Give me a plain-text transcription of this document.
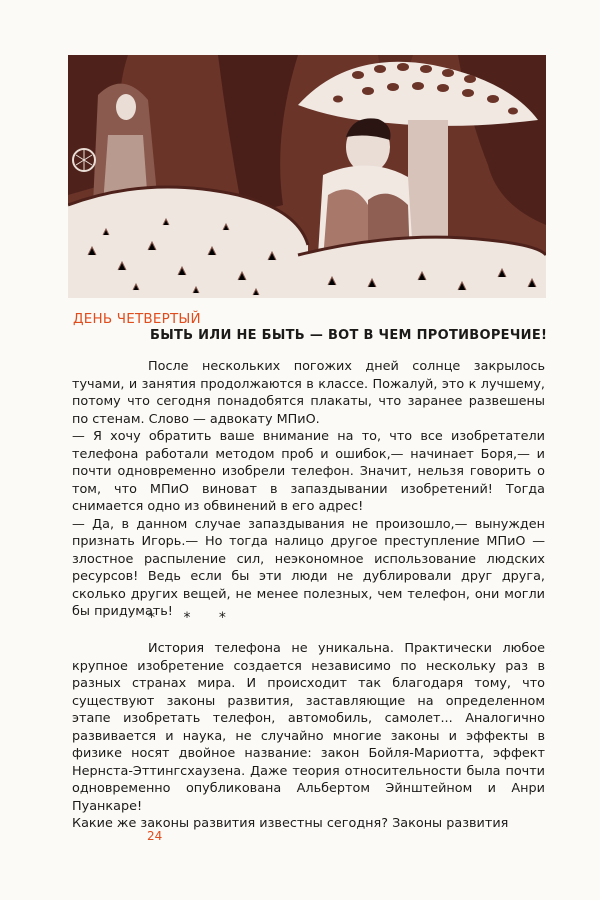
ДЕНЬ ЧЕТВЕРТЫЙ
БЫТЬ ИЛИ НЕ БЫТЬ — ВОТ В ЧЕМ ПРОТИВОРЕЧИЕ!

После нескольких погожих дней солнце закрылось тучами, и занятия продолжаются в классе. Пожалуй, это к лучшему, потому что сегодня понадобятся плакаты, что заранее развешены по стенам. Слово — адвокату МПиО.

— Я хочу обратить ваше внимание на то, что все изобретатели телефона работали методом проб и ошибок,— начинает Боря,— и почти одновременно изобрели телефон. Значит, нельзя говорить о том, что МПиО виноват в запаздывании изобретений! Тогда снимается одно из обвинений в его адрес!

— Да, в данном случае запаздывания не произошло,— вынужден признать Игорь.— Но тогда налицо другое преступление МПиО — злостное распыление сил, неэкономное использование людских ресурсов! Ведь если бы эти люди не дублировали друг друга, сколько других вещей, не менее полезных, чем телефон, они могли бы придумать!

* * *

История телефона не уникальна. Практически любое крупное изобретение создается независимо по нескольку раз в разных странах мира. И происходит так благодаря тому, что существуют законы развития, заставляющие на определенном этапе изобретать телефон, автомобиль, самолет... Аналогично развивается и наука, не случайно многие законы и эффекты в физике носят двойное название: закон Бойля-Мариотта, эффект Нернста-Эттингсхаузена. Даже теория относительности была почти одновременно опубликована Альбертом Эйнштейном и Анри Пуанкаре!

Какие же законы развития известны сегодня? Законы развития

24
